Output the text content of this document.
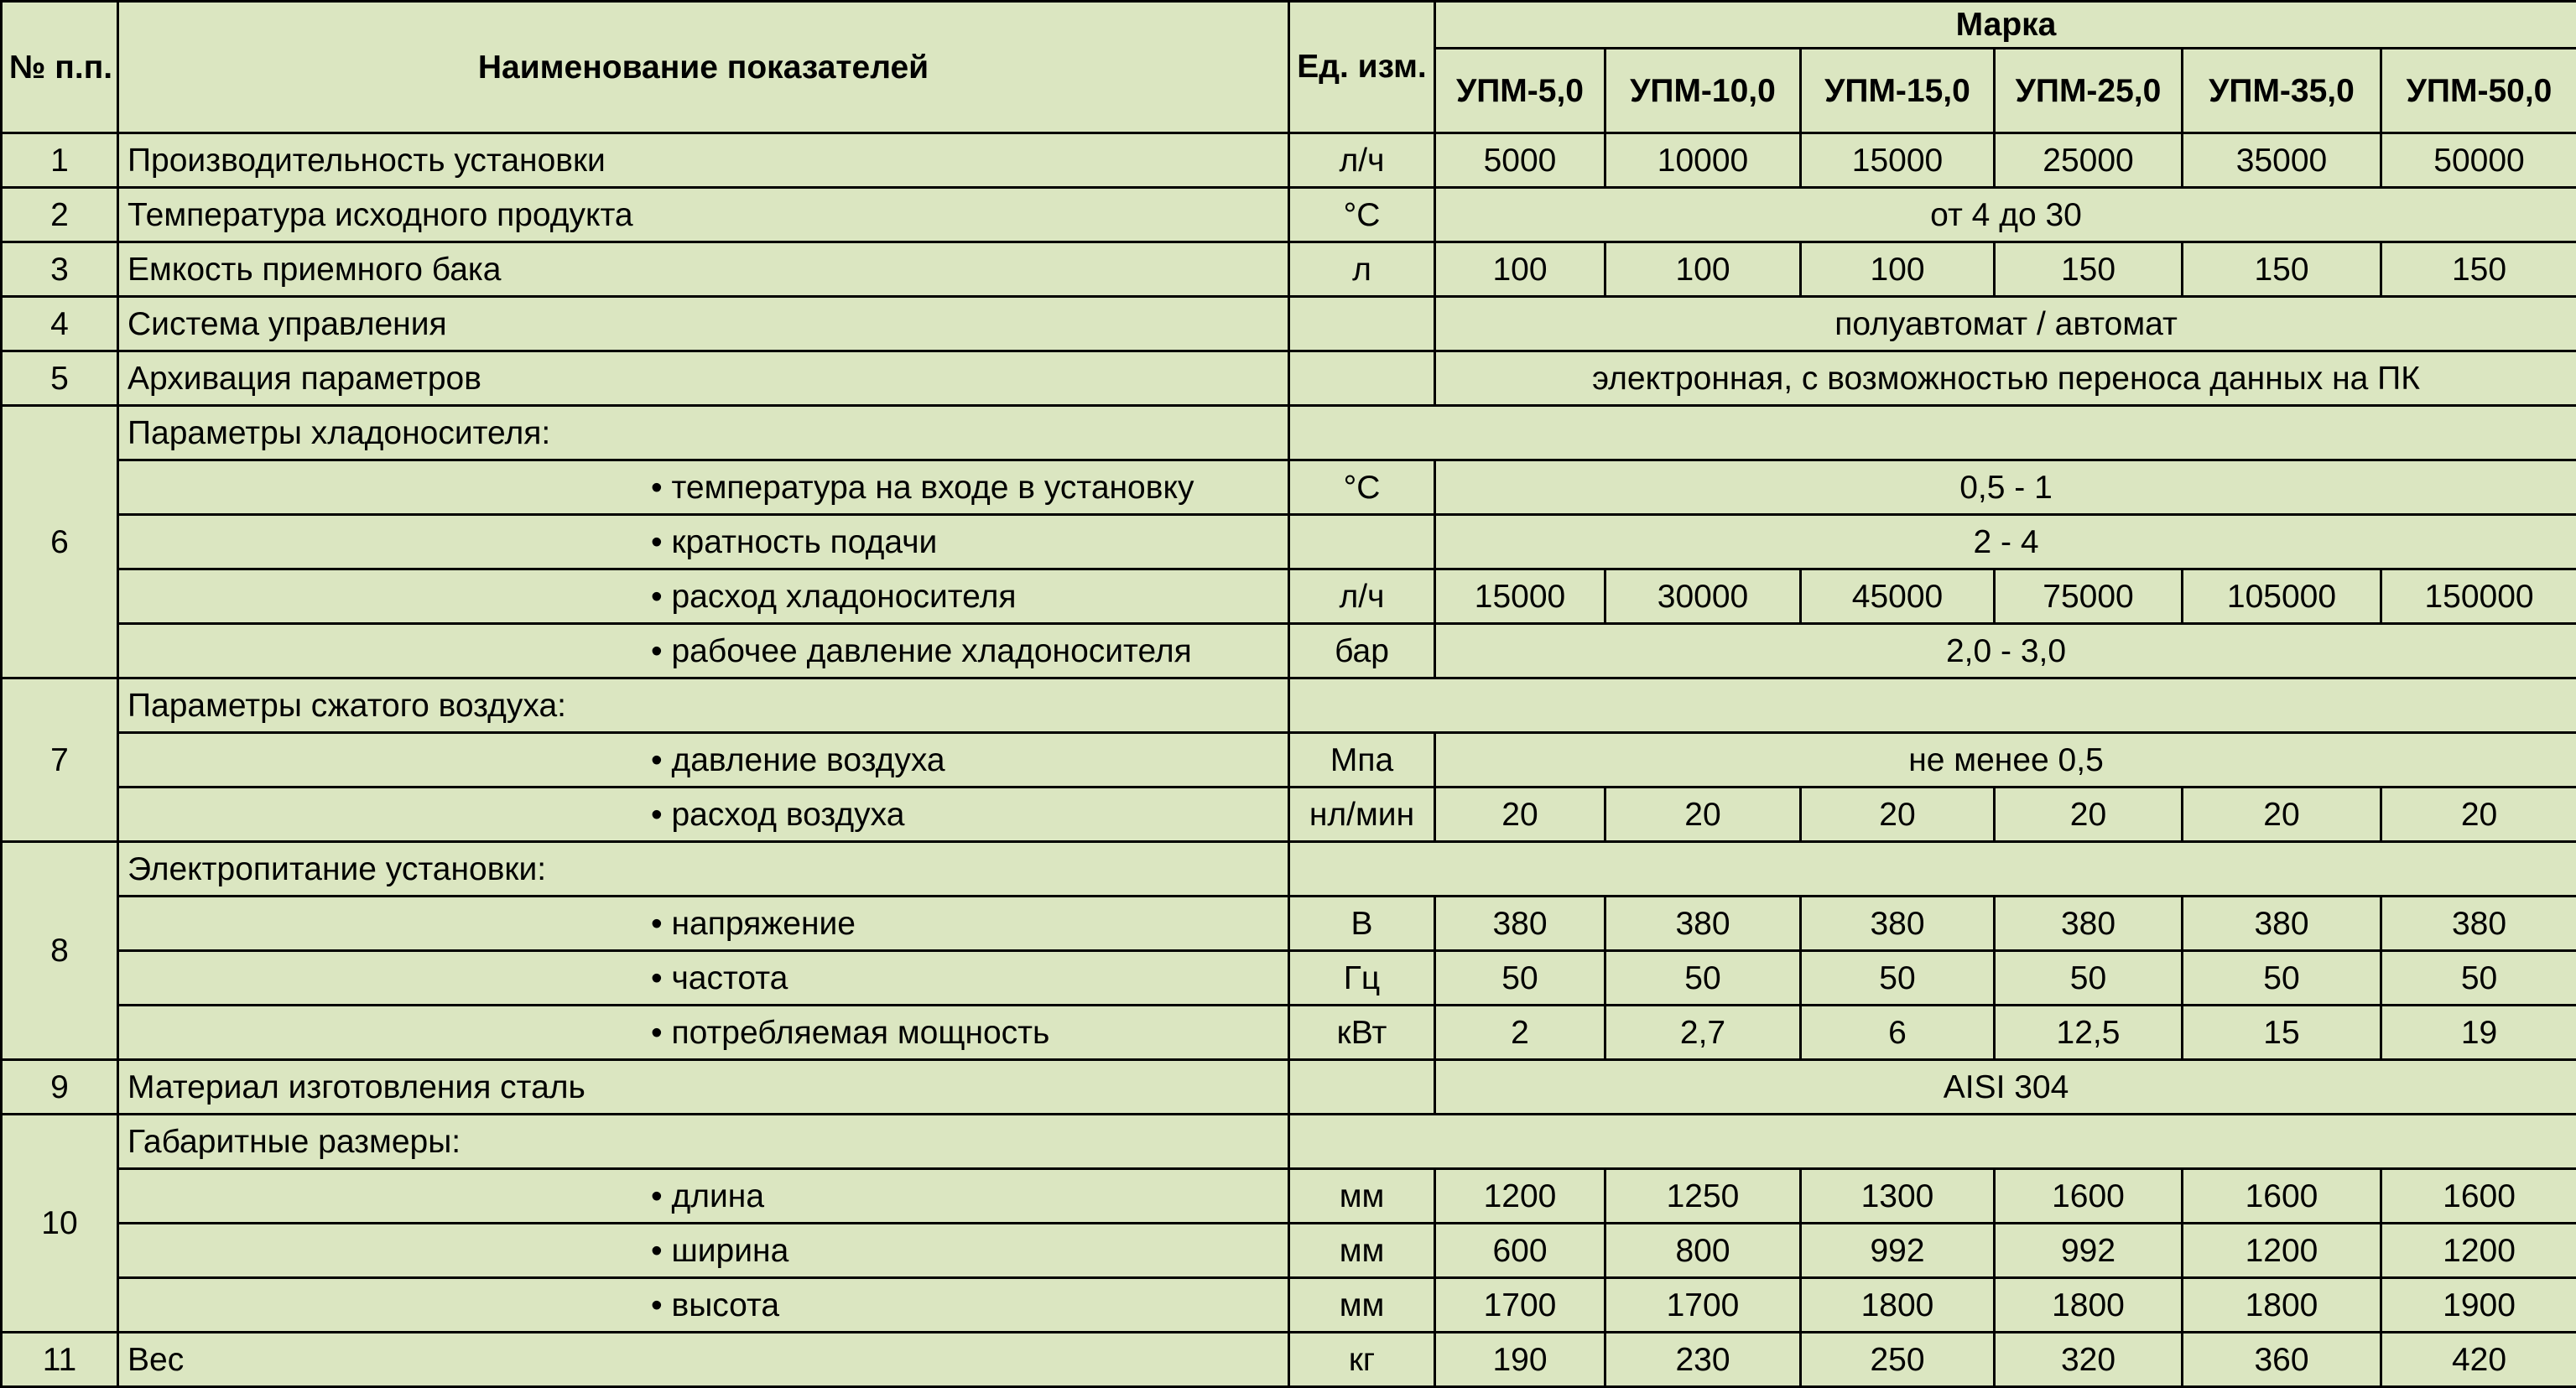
№ п.п.	Наименование показателей	Ед. изм.	Марка					
			УПМ-5,0	УПМ-10,0	УПМ-15,0	УПМ-25,0	УПМ-35,0	УПМ-50,0
1	Производительность установки	л/ч	5000	10000	15000	25000	35000	50000
2	Температура исходного продукта	°С	от 4 до 30					
3	Емкость приемного бака	л	100	100	100	150	150	150
4	Система управления		полуавтомат / автомат					
5	Архивация параметров		электронная, с возможностью переноса данных на ПК					
6	Параметры хладоносителя:							
	• температура на входе в установку	°С	0,5 - 1					
	• кратность подачи		2 - 4					
	• расход хладоносителя	л/ч	15000	30000	45000	75000	105000	150000
	• рабочее давление хладоносителя	бар	2,0 - 3,0					
7	Параметры сжатого воздуха:							
	• давление воздуха	Мпа	не менее 0,5					
	• расход воздуха	нл/мин	20	20	20	20	20	20
8	Электропитание установки:							
	• напряжение	В	380	380	380	380	380	380
	• частота	Гц	50	50	50	50	50	50
	• потребляемая мощность	кВт	2	2,7	6	12,5	15	19
9	Материал изготовления сталь		AISI 304					
10	Габаритные размеры:							
	• длина	мм	1200	1250	1300	1600	1600	1600
	• ширина	мм	600	800	992	992	1200	1200
	• высота	мм	1700	1700	1800	1800	1800	1900
11	Вес	кг	190	230	250	320	360	420
